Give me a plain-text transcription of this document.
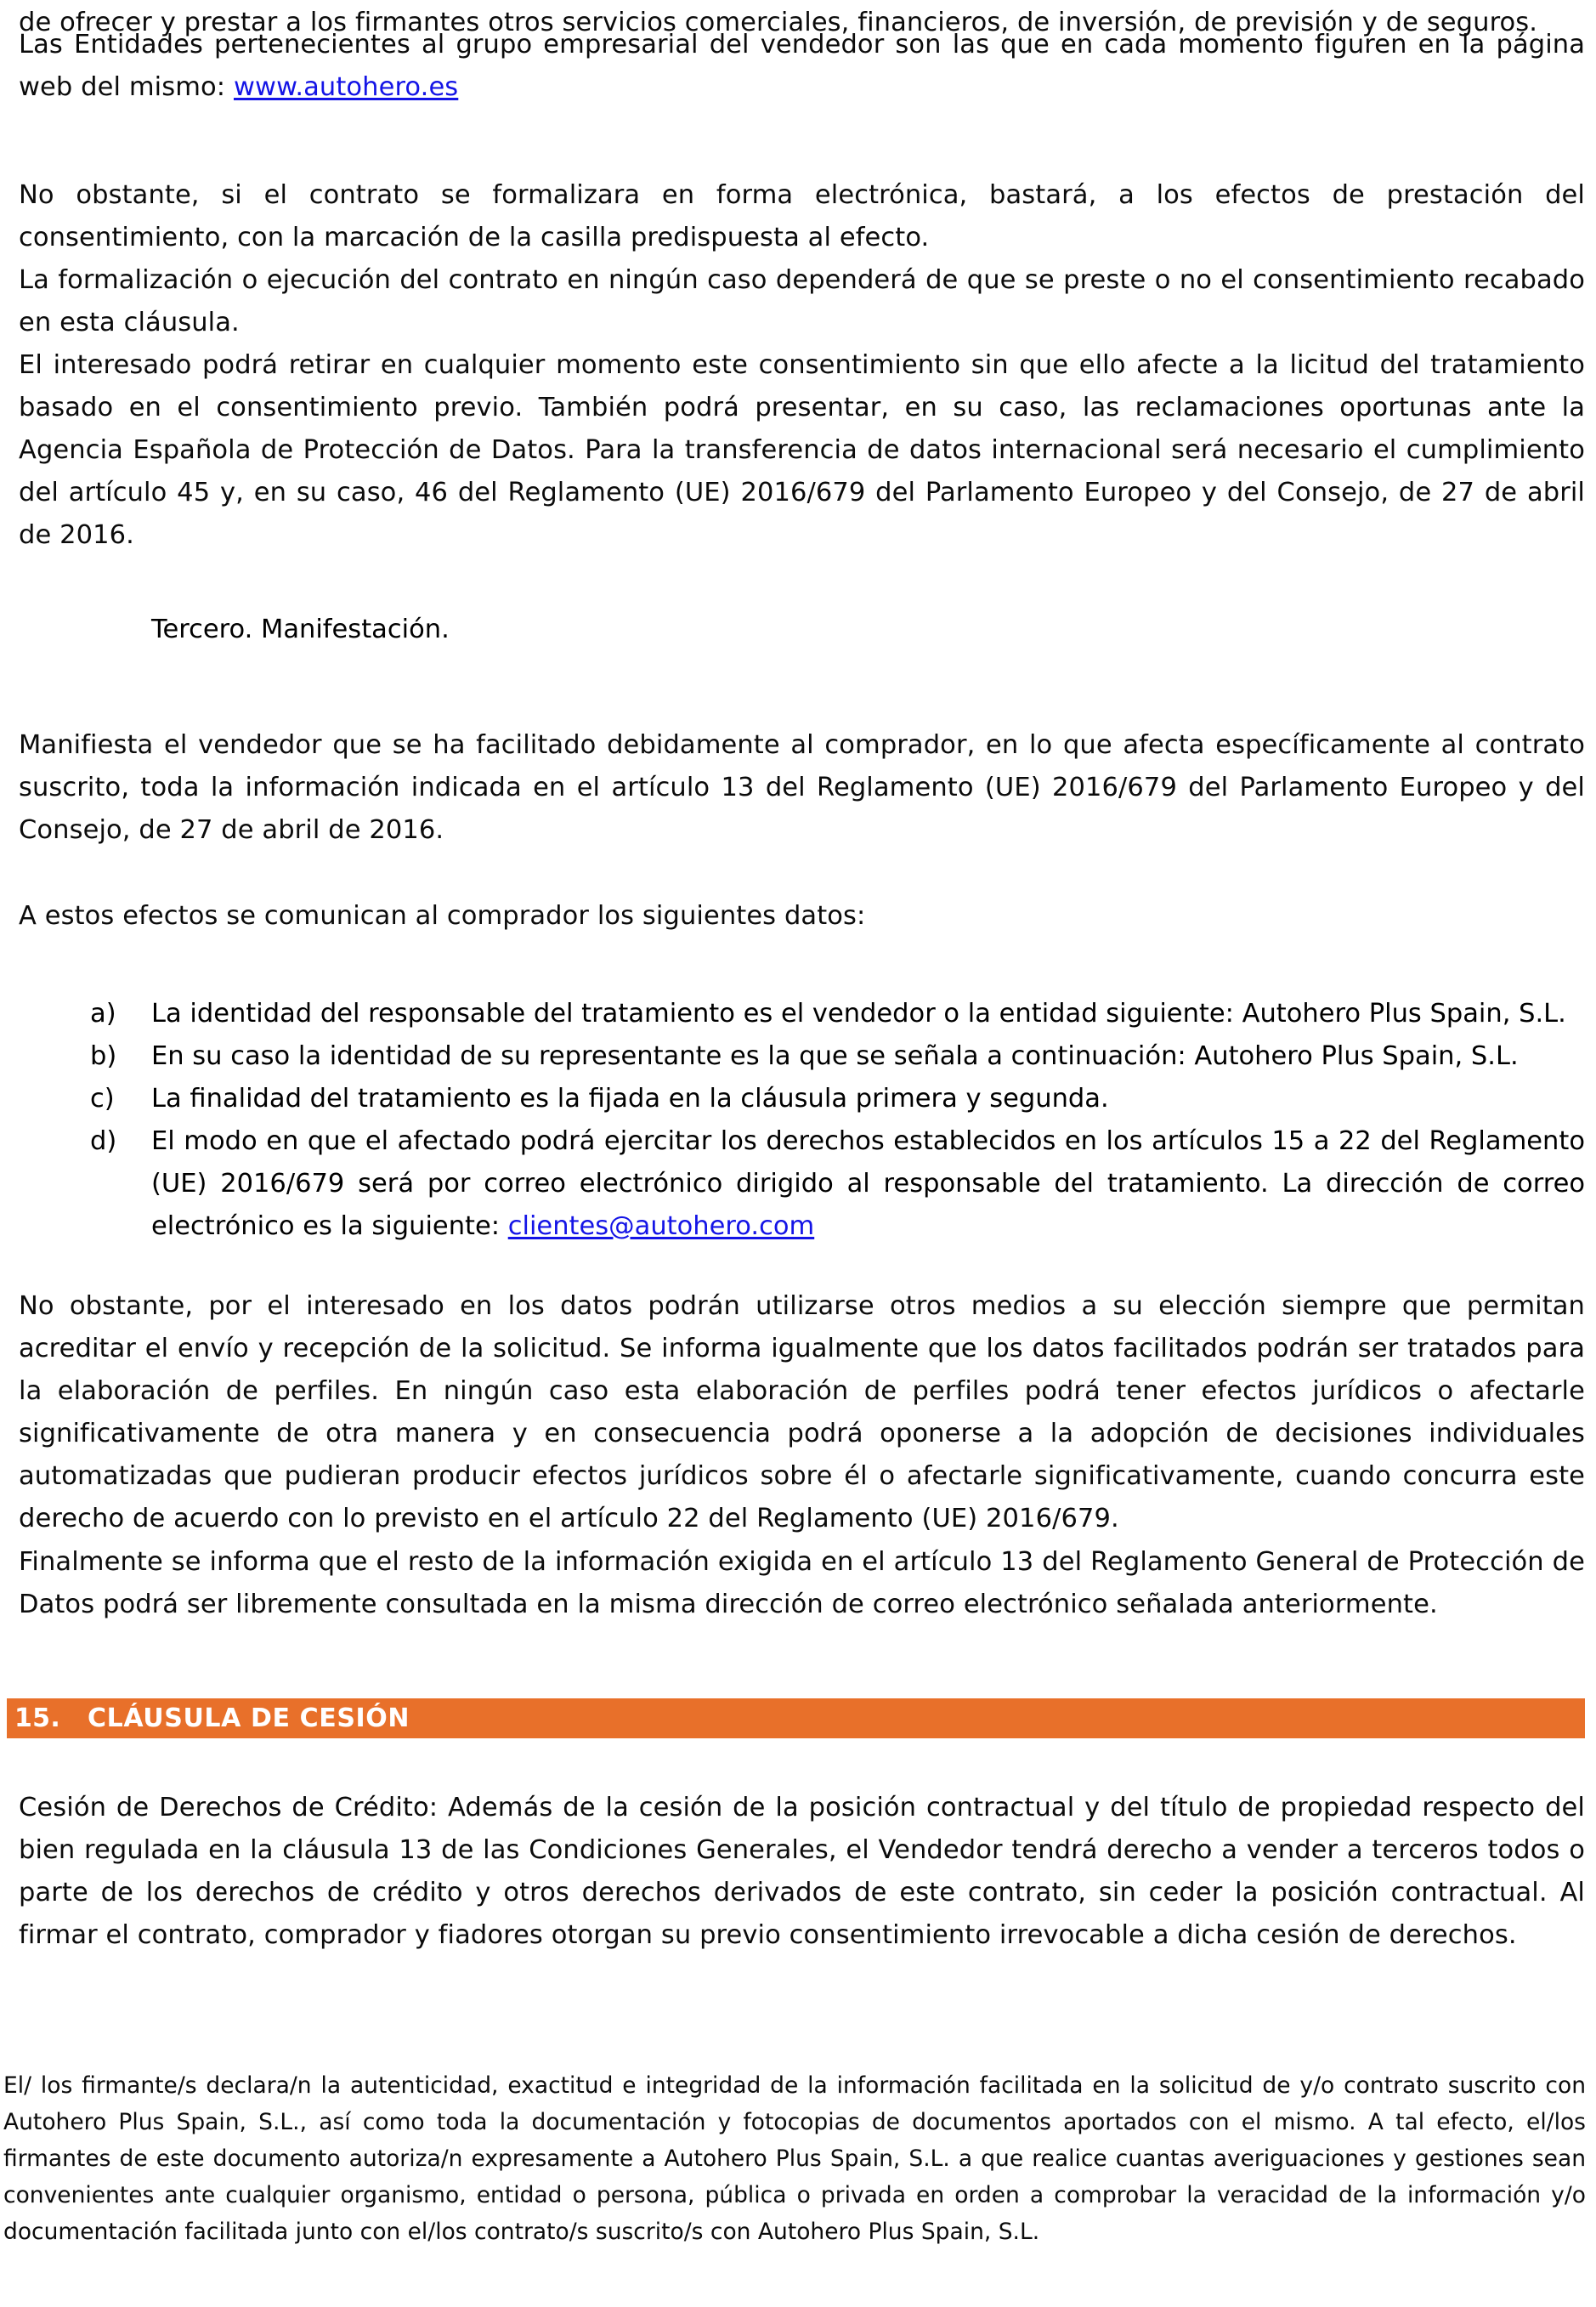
de ofrecer y prestar a los firmantes otros servicios comerciales, financieros, de inversión, de previsión y de seguros.

Las Entidades pertenecientes al grupo empresarial del vendedor son las que en cada momento figuren en la página web del mismo: www.autohero.es

No obstante, si el contrato se formalizara en forma electrónica, bastará, a los efectos de prestación del consentimiento, con la marcación de la casilla predispuesta al efecto.

La formalización o ejecución del contrato en ningún caso dependerá de que se preste o no el consentimiento recabado en esta cláusula.

El interesado podrá retirar en cualquier momento este consentimiento sin que ello afecte a la licitud del tratamiento basado en el consentimiento previo. También podrá presentar, en su caso, las reclamaciones oportunas ante la Agencia Española de Protección de Datos. Para la transferencia de datos internacional será necesario el cumplimiento del artículo 45 y, en su caso, 46 del Reglamento (UE) 2016/679 del Parlamento Europeo y del Consejo, de 27 de abril de 2016.

Tercero. Manifestación.

Manifiesta el vendedor que se ha facilitado debidamente al comprador, en lo que afecta específicamente al contrato suscrito, toda la información indicada en el artículo 13 del Reglamento (UE) 2016/679 del Parlamento Europeo y del Consejo, de 27 de abril de 2016.

A estos efectos se comunican al comprador los siguientes datos:

a)	La identidad del responsable del tratamiento es el vendedor o la entidad siguiente: Autohero Plus Spain, S.L.
b)	En su caso la identidad de su representante es la que se señala a continuación: Autohero Plus Spain, S.L.
c)	La finalidad del tratamiento es la fijada en la cláusula primera y segunda.
d)	El modo en que el afectado podrá ejercitar los derechos establecidos en los artículos 15 a 22 del Reglamento (UE) 2016/679 será por correo electrónico dirigido al responsable del tratamiento. La dirección de correo electrónico es la siguiente: clientes@autohero.com

No obstante, por el interesado en los datos podrán utilizarse otros medios a su elección siempre que permitan acreditar el envío y recepción de la solicitud. Se informa igualmente que los datos facilitados podrán ser tratados para la elaboración de perfiles. En ningún caso esta elaboración de perfiles podrá tener efectos jurídicos o afectarle significativamente de otra manera y en consecuencia podrá oponerse a la adopción de decisiones individuales automatizadas que pudieran producir efectos jurídicos sobre él o afectarle significativamente, cuando concurra este derecho de acuerdo con lo previsto en el artículo 22 del Reglamento (UE) 2016/679.

Finalmente se informa que el resto de la información exigida en el artículo 13 del Reglamento General de Protección de Datos podrá ser libremente consultada en la misma dirección de correo electrónico señalada anteriormente.

15.	CLÁUSULA DE CESIÓN

Cesión de Derechos de Crédito: Además de la cesión de la posición contractual y del título de propiedad respecto del bien regulada en la cláusula 13 de las Condiciones Generales, el Vendedor tendrá derecho a vender a terceros todos o parte de los derechos de crédito y otros derechos derivados de este contrato, sin ceder la posición contractual. Al firmar el contrato, comprador y fiadores otorgan su previo consentimiento irrevocable a dicha cesión de derechos.

El/ los firmante/s declara/n la autenticidad, exactitud e integridad de la información facilitada en la solicitud de y/o contrato suscrito con Autohero Plus Spain, S.L., así como toda la documentación y fotocopias de documentos aportados con el mismo. A tal efecto, el/los firmantes de este documento autoriza/n expresamente a Autohero Plus Spain, S.L. a que realice cuantas averiguaciones y gestiones sean convenientes ante cualquier organismo, entidad o persona, pública o privada en orden a comprobar la veracidad de la información y/o documentación facilitada junto con el/los contrato/s suscrito/s con Autohero Plus Spain, S.L.
